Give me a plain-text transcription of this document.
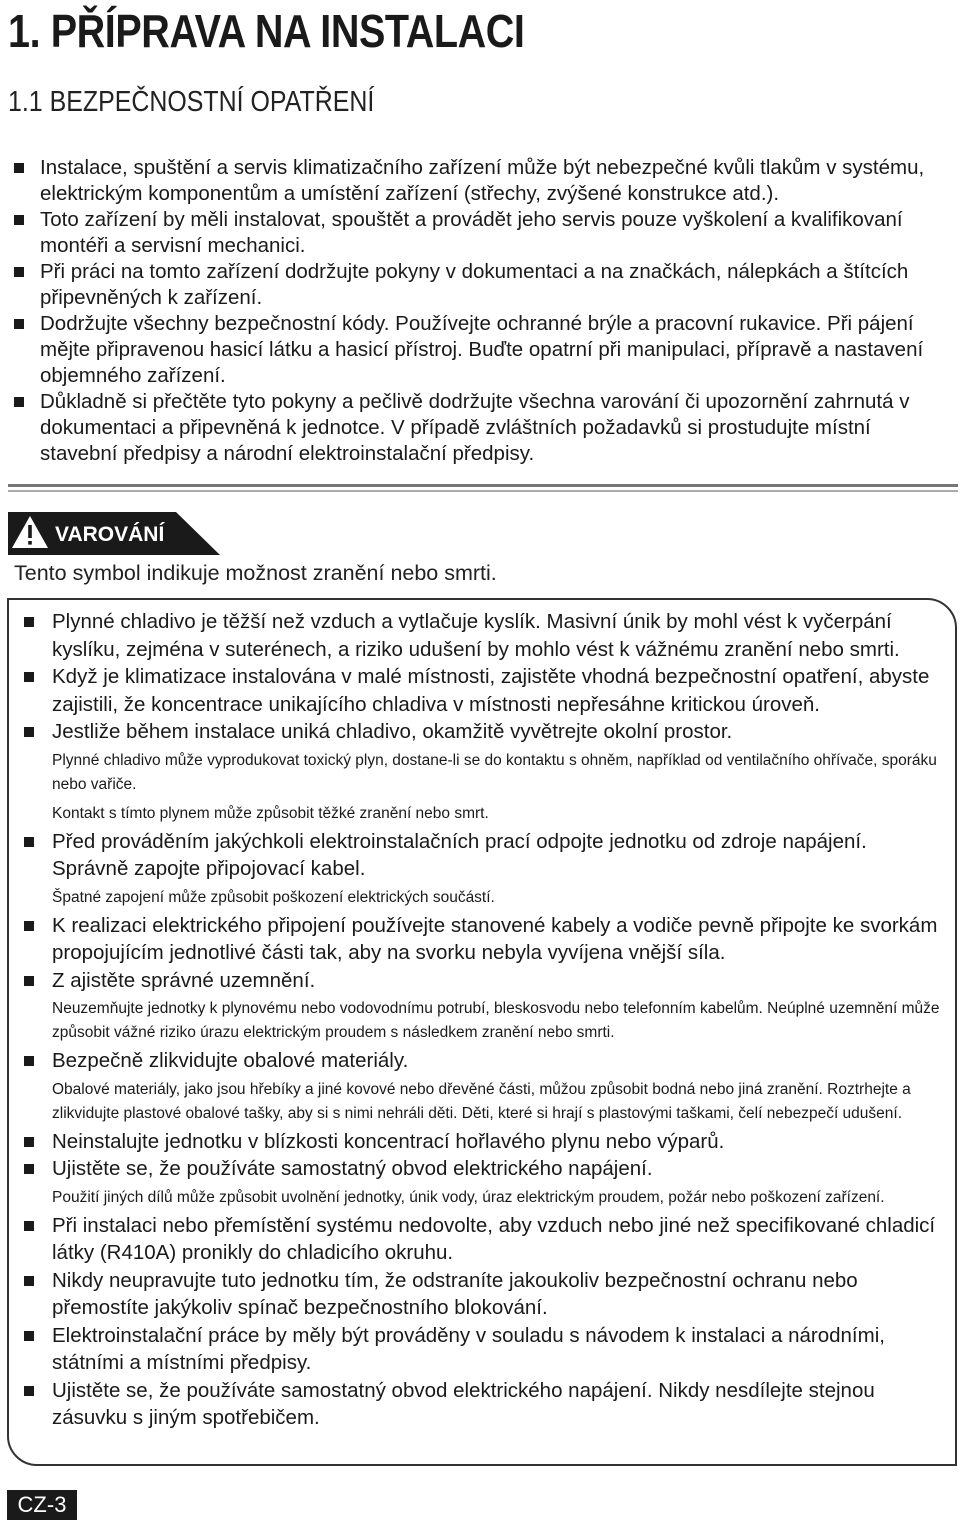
1. PŘÍPRAVA NA INSTALACI
1.1 BEZPEČNOSTNÍ OPATŘENÍ
Instalace, spuštění a servis klimatizačního zařízení může být nebezpečné kvůli tlakům v systému, elektrickým komponentům a umístění zařízení (střechy, zvýšené konstrukce atd.).
Toto zařízení by měli instalovat, spouštět a provádět jeho servis pouze vyškolení a kvalifikovaní montéři a servisní mechanici.
Při práci na tomto zařízení dodržujte pokyny v dokumentaci a na značkách, nálepkách a štítcích připevněných k zařízení.
Dodržujte všechny bezpečnostní kódy. Používejte ochranné brýle a pracovní rukavice. Při pájení mějte připravenou hasicí látku a hasicí přístroj. Buďte opatrní při manipulaci, přípravě a nastavení objemného zařízení.
Důkladně si přečtěte tyto pokyny a pečlivě dodržujte všechna varování či upozornění zahrnutá v dokumentaci a připevněná k jednotce. V případě zvláštních požadavků si prostudujte místní stavební předpisy a národní elektroinstalační předpisy.
VAROVÁNÍ
Tento symbol indikuje možnost zranění nebo smrti.
Plynné chladivo je těžší než vzduch a vytlačuje kyslík. Masivní únik by mohl vést k vyčerpání kyslíku, zejména v suterénech, a riziko udušení by mohlo vést k vážnému zranění nebo smrti.
Když je klimatizace instalována v malé místnosti, zajistěte vhodná bezpečnostní opatření, abyste zajistili, že koncentrace unikajícího chladiva v místnosti nepřesáhne kritickou úroveň.
Jestliže během instalace uniká chladivo, okamžitě vyvětrejte okolní prostor.
Plynné chladivo může vyprodukovat toxický plyn, dostane-li se do kontaktu s ohněm, například od ventilačního ohřívače, sporáku nebo vařiče.
Kontakt s tímto plynem může způsobit těžké zranění nebo smrt.
Před prováděním jakýchkoli elektroinstalačních prací odpojte jednotku od zdroje napájení. Správně zapojte připojovací kabel.
Špatné zapojení může způsobit poškození elektrických součástí.
K realizaci elektrického připojení používejte stanovené kabely a vodiče pevně připojte ke svorkám propojujícím jednotlivé části tak, aby na svorku nebyla vyvíjena vnější síla.
Z ajistěte správné uzemnění.
Neuzemňujte jednotky k plynovému nebo vodovodnímu potrubí, bleskosvodu nebo telefonním kabelům. Neúplné uzemnění může způsobit vážné riziko úrazu elektrickým proudem s následkem zranění nebo smrti.
Bezpečně zlikvidujte obalové materiály.
Obalové materiály, jako jsou hřebíky a jiné kovové nebo dřevěné části, můžou způsobit bodná nebo jiná zranění. Roztrhejte a zlikvidujte plastové obalové tašky, aby si s nimi nehráli děti. Děti, které si hrají s plastovými taškami, čelí nebezpečí udušení.
Neinstalujte jednotku v blízkosti koncentrací hořlavého plynu nebo výparů.
Ujistěte se, že používáte samostatný obvod elektrického napájení.
Použití jiných dílů může způsobit uvolnění jednotky, únik vody, úraz elektrickým proudem, požár nebo poškození zařízení.
Při instalaci nebo přemístění systému nedovolte, aby vzduch nebo jiné než specifikované chladicí látky (R410A) pronikly do chladicího okruhu.
Nikdy neupravujte tuto jednotku tím, že odstraníte jakoukoliv bezpečnostní ochranu nebo přemostíte jakýkoliv spínač bezpečnostního blokování.
Elektroinstalační práce by měly být prováděny v souladu s návodem k instalaci a národními, státními a místními předpisy.
Ujistěte se, že používáte samostatný obvod elektrického napájení. Nikdy nesdílejte stejnou zásuvku s jiným spotřebičem.
CZ-3
